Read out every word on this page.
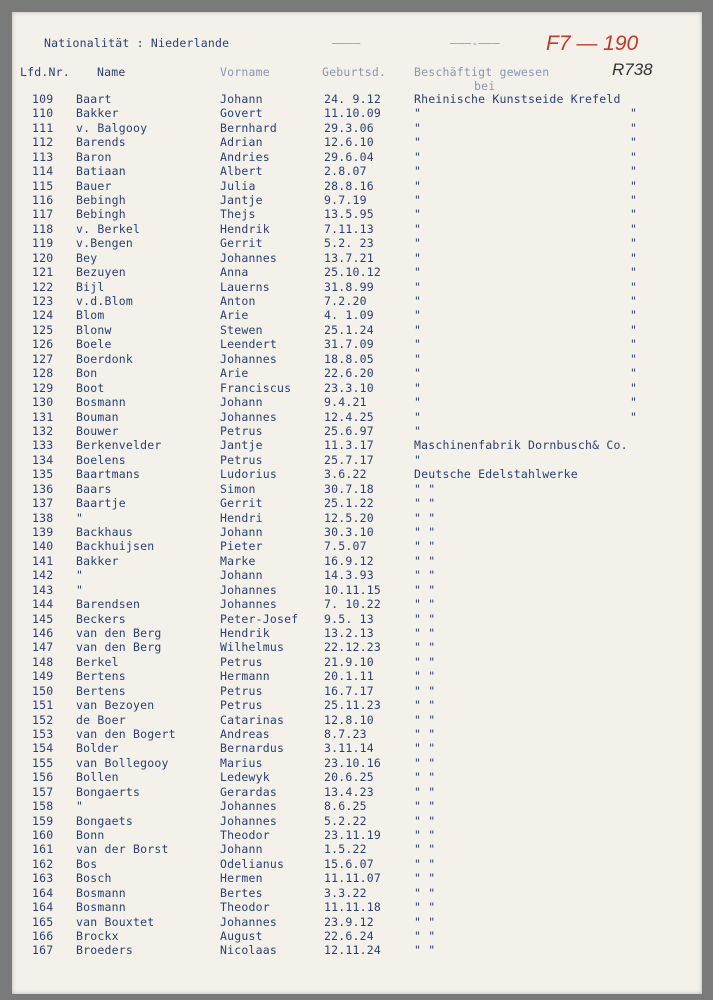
Nationalität : Niederlande	————	———-——— F7 — 190
R738
Lfd.Nr. Name	Vorname	Geburtsd. Beschäftigt gewesen
bei
109 Baart	Johann	24. 9.12	Rheinische Kunstseide Krefeld
110 Bakker	Govert	11.10.09	"	"
111 v. Balgooy	Bernhard	29.3.06	"	"
112 Barends	Adrian	12.6.10	"	"
113 Baron	Andries	29.6.04	"	"
114 Batiaan	Albert	2.8.07	"	"
115 Bauer	Julia	28.8.16	"	"
116 Bebingh	Jantje	9.7.19	"	"
117 Bebingh	Thejs	13.5.95	"	"
118 v. Berkel	Hendrik	7.11.13	"	"
119 v.Bengen	Gerrit	5.2. 23	"	"
120 Bey	Johannes	13.7.21	"	"
121 Bezuyen	Anna	25.10.12	"	"
122 Bijl	Lauerns	31.8.99	"	"
123 v.d.Blom	Anton	7.2.20	"	"
124 Blom	Arie	4. 1.09	"	"
125 Blonw	Stewen	25.1.24	"	"
126 Boele	Leendert	31.7.09	"	"
127 Boerdonk	Johannes	18.8.05	"	"
128 Bon	Arie	22.6.20	"	"
129 Boot	Franciscus	23.3.10	"	"
130 Bosmann	Johann	9.4.21	"	"
131 Bouman	Johannes	12.4.25	"	"
132 Bouwer	Petrus	25.6.97	"
133 Berkenvelder	Jantje	11.3.17	Maschinenfabrik Dornbusch& Co.
134 Boelens	Petrus	25.7.17	"
135 Baartmans	Ludorius	3.6.22	Deutsche Edelstahlwerke
136 Baars	Simon	30.7.18	" "
137 Baartje	Gerrit	25.1.22	" "
138 "	Hendri	12.5.20	" "
139 Backhaus	Johann	30.3.10	" "
140 Backhuijsen	Pieter	7.5.07	" "
141 Bakker	Marke	16.9.12	" "
142 "	Johann	14.3.93	" "
143 "	Johannes	10.11.15	" "
144 Barendsen	Johannes	7. 10.22	" "
145 Beckers	Peter-Josef 9.5. 13	" "
146 van den Berg	Hendrik	13.2.13	" "
147 van den Berg	Wilhelmus	22.12.23	" "
148 Berkel	Petrus	21.9.10	" "
149 Bertens	Hermann	20.1.11	" "
150 Bertens	Petrus	16.7.17	" "
151 van Bezoyen	Petrus	25.11.23	" "
152 de Boer	Catarinas	12.8.10	" "
153 van den Bogert	Andreas	8.7.23	" "
154 Bolder	Bernardus	3.11.14	" "
155 van Bollegooy	Marius	23.10.16	" "
156 Bollen	Ledewyk	20.6.25	" "
157 Bongaerts	Gerardas	13.4.23	" "
158 "	Johannes	8.6.25	" "
159 Bongaets	Johannes	5.2.22	" "
160 Bonn	Theodor	23.11.19	" "
161 van der Borst	Johann	1.5.22	" "
162 Bos	Odelianus	15.6.07	" "
163 Bosch	Hermen	11.11.07	" "
164 Bosmann	Bertes	3.3.22	" "
164 Bosmann	Theodor	11.11.18	" "
165 van Bouxtet	Johannes	23.9.12	" "
166 Brockx	August	22.6.24	" "
167 Broeders	Nicolaas	12.11.24	" "
